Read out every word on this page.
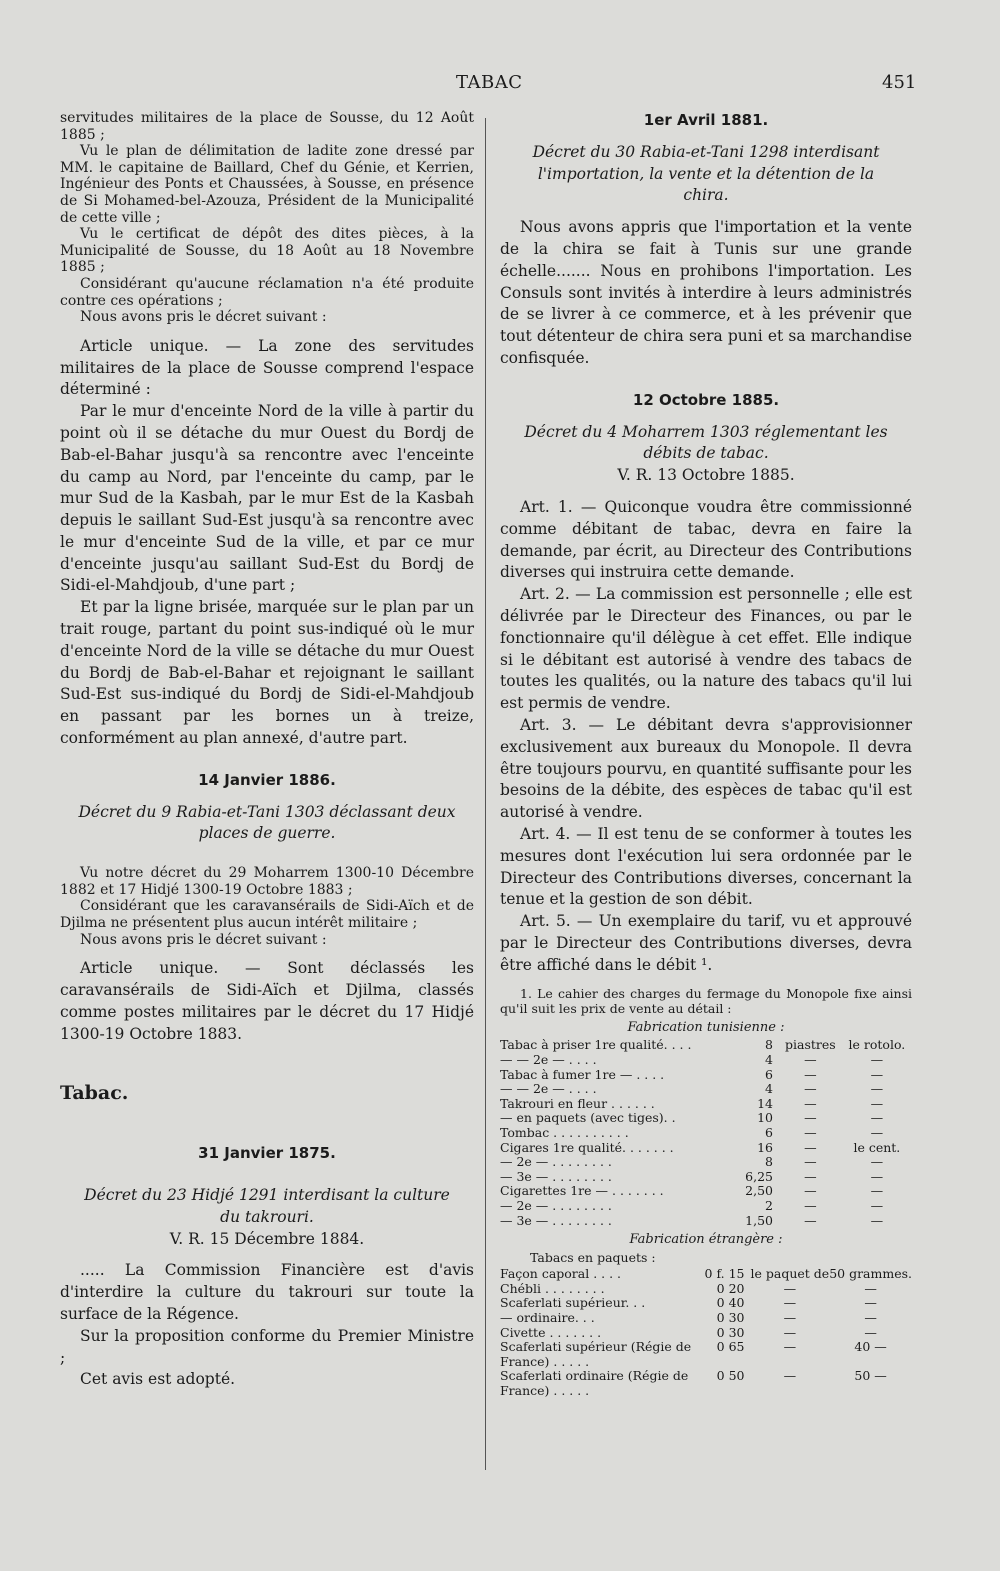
TABAC	451

servitudes militaires de la place de Sousse, du 12 Août 1885 ;

Vu le plan de délimitation de ladite zone dressé par MM. le capitaine de Baillard, Chef du Génie, et Kerrien, Ingénieur des Ponts et Chaussées, à Sousse, en présence de Si Mohamed-bel-Azouza, Président de la Municipalité de cette ville ;

Vu le certificat de dépôt des dites pièces, à la Municipalité de Sousse, du 18 Août au 18 Novembre 1885 ;

Considérant qu'aucune réclamation n'a été produite contre ces opérations ;

Nous avons pris le décret suivant :

Article unique. — La zone des servitudes militaires de la place de Sousse comprend l'espace déterminé :

Par le mur d'enceinte Nord de la ville à partir du point où il se détache du mur Ouest du Bordj de Bab-el-Bahar jusqu'à sa rencontre avec l'enceinte du camp au Nord, par l'enceinte du camp, par le mur Sud de la Kasbah, par le mur Est de la Kasbah depuis le saillant Sud-Est jusqu'à sa rencontre avec le mur d'enceinte Sud de la ville, et par ce mur d'enceinte jusqu'au saillant Sud-Est du Bordj de Sidi-el-Mahdjoub, d'une part ;

Et par la ligne brisée, marquée sur le plan par un trait rouge, partant du point sus-indiqué où le mur d'enceinte Nord de la ville se détache du mur Ouest du Bordj de Bab-el-Bahar et rejoignant le saillant Sud-Est sus-indiqué du Bordj de Sidi-el-Mahdjoub en passant par les bornes un à treize, conformément au plan annexé, d'autre part.

14 Janvier 1886.

Décret du 9 Rabia-et-Tani 1303 déclassant deux places de guerre.

Vu notre décret du 29 Moharrem 1300-10 Décembre 1882 et 17 Hidjé 1300-19 Octobre 1883 ;

Considérant que les caravansérails de Sidi-Aïch et de Djilma ne présentent plus aucun intérêt militaire ;

Nous avons pris le décret suivant :

Article unique. — Sont déclassés les caravansérails de Sidi-Aïch et Djilma, classés comme postes militaires par le décret du 17 Hidjé 1300-19 Octobre 1883.

Tabac.

31 Janvier 1875.

Décret du 23 Hidjé 1291 interdisant la culture du takrouri.

V. R. 15 Décembre 1884.

..... La Commission Financière est d'avis d'interdire la culture du takrouri sur toute la surface de la Régence.

Sur la proposition conforme du Premier Ministre ;

Cet avis est adopté.

1er Avril 1881.

Décret du 30 Rabia-et-Tani 1298 interdisant l'importation, la vente et la détention de la chira.

Nous avons appris que l'importation et la vente de la chira se fait à Tunis sur une grande échelle....... Nous en prohibons l'importation. Les Consuls sont invités à interdire à leurs administrés de se livrer à ce commerce, et à les prévenir que tout détenteur de chira sera puni et sa marchandise confisquée.

12 Octobre 1885.

Décret du 4 Moharrem 1303 réglementant les débits de tabac.

V. R. 13 Octobre 1885.

Art. 1. — Quiconque voudra être commissionné comme débitant de tabac, devra en faire la demande, par écrit, au Directeur des Contributions diverses qui instruira cette demande.

Art. 2. — La commission est personnelle ; elle est délivrée par le Directeur des Finances, ou par le fonctionnaire qu'il délègue à cet effet. Elle indique si le débitant est autorisé à vendre des tabacs de toutes les qualités, ou la nature des tabacs qu'il lui est permis de vendre.

Art. 3. — Le débitant devra s'approvisionner exclusivement aux bureaux du Monopole. Il devra être toujours pourvu, en quantité suffisante pour les besoins de la débite, des espèces de tabac qu'il est autorisé à vendre.

Art. 4. — Il est tenu de se conformer à toutes les mesures dont l'exécution lui sera ordonnée par le Directeur des Contributions diverses, concernant la tenue et la gestion de son débit.

Art. 5. — Un exemplaire du tarif, vu et approuvé par le Directeur des Contributions diverses, devra être affiché dans le débit ¹.

1. Le cahier des charges du fermage du Monopole fixe ainsi qu'il suit les prix de vente au détail :

Fabrication tunisienne :

Tabac à priser 1re qualité. . . .	8	piastres	le rotolo.
— — 2e — . . . .	4	—	—
Tabac à fumer 1re — . . . .	6	—	—
— — 2e — . . . .	4	—	—
Takrouri en fleur . . . . . .	14	—	—
— en paquets (avec tiges). .	10	—	—
Tombac . . . . . . . . . .	6	—	—
Cigares 1re qualité. . . . . . .	16	—	le cent.
— 2e — . . . . . . . .	8	—	—
— 3e — . . . . . . . .	6,25	—	—
Cigarettes 1re — . . . . . . .	2,50	—	—
— 2e — . . . . . . . .	2	—	—
— 3e — . . . . . . . .	1,50	—	—

Fabrication étrangère :

Tabacs en paquets :

Façon caporal . . . .	0 f. 15	le paquet de	50 grammes.
Chébli . . . . . . . .	0 20	—	—
Scaferlati supérieur. . .	0 40	—	—
— ordinaire. . .	0 30	—	—
Civette . . . . . . .	0 30	—	—
Scaferlati supérieur (Régie de France) . . . . .	0 65	—	40 —
Scaferlati ordinaire (Régie de France) . . . . .	0 50	—	50 —
